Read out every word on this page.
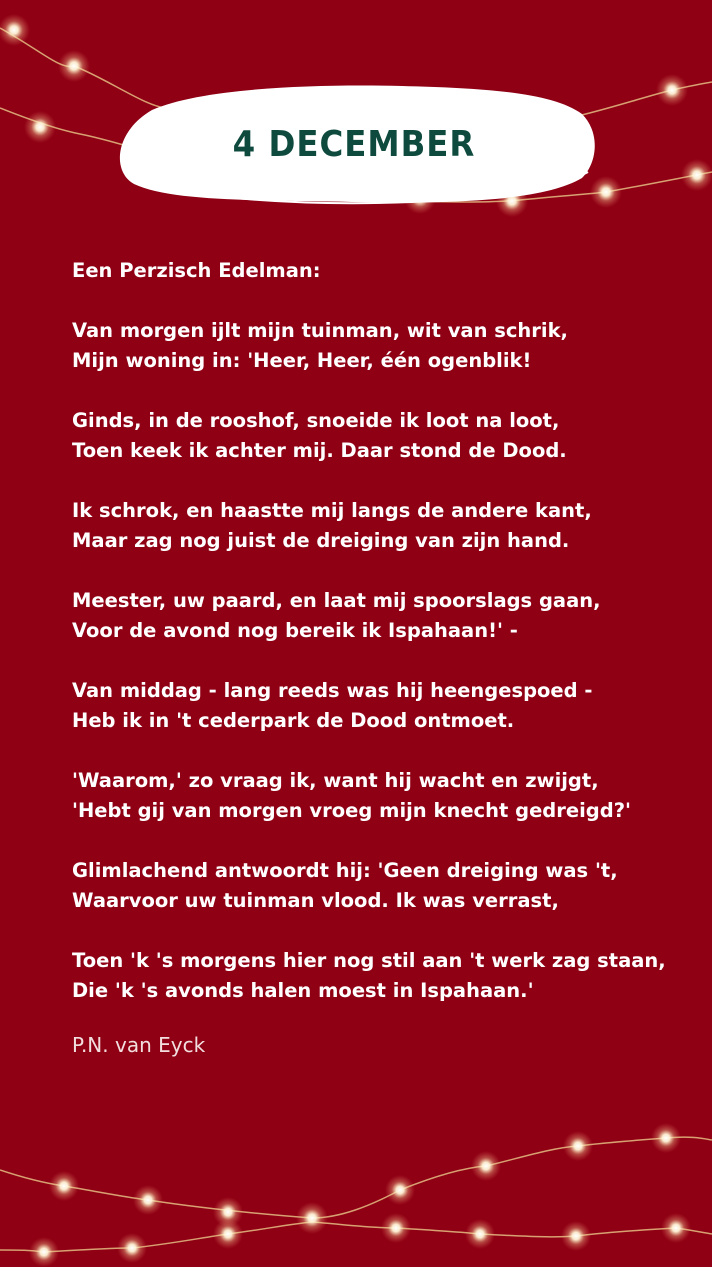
4 DECEMBER
Een Perzisch Edelman:
Van morgen ijlt mijn tuinman, wit van schrik,
Mijn woning in: 'Heer, Heer, één ogenblik!
Ginds, in de rooshof, snoeide ik loot na loot,
Toen keek ik achter mij. Daar stond de Dood.
Ik schrok, en haastte mij langs de andere kant,
Maar zag nog juist de dreiging van zijn hand.
Meester, uw paard, en laat mij spoorslags gaan,
Voor de avond nog bereik ik Ispahaan!' -
Van middag - lang reeds was hij heengespoed -
Heb ik in 't cederpark de Dood ontmoet.
'Waarom,' zo vraag ik, want hij wacht en zwijgt,
'Hebt gij van morgen vroeg mijn knecht gedreigd?'
Glimlachend antwoordt hij: 'Geen dreiging was 't,
Waarvoor uw tuinman vlood. Ik was verrast,
Toen 'k 's morgens hier nog stil aan 't werk zag staan,
Die 'k 's avonds halen moest in Ispahaan.'
P.N. van Eyck
